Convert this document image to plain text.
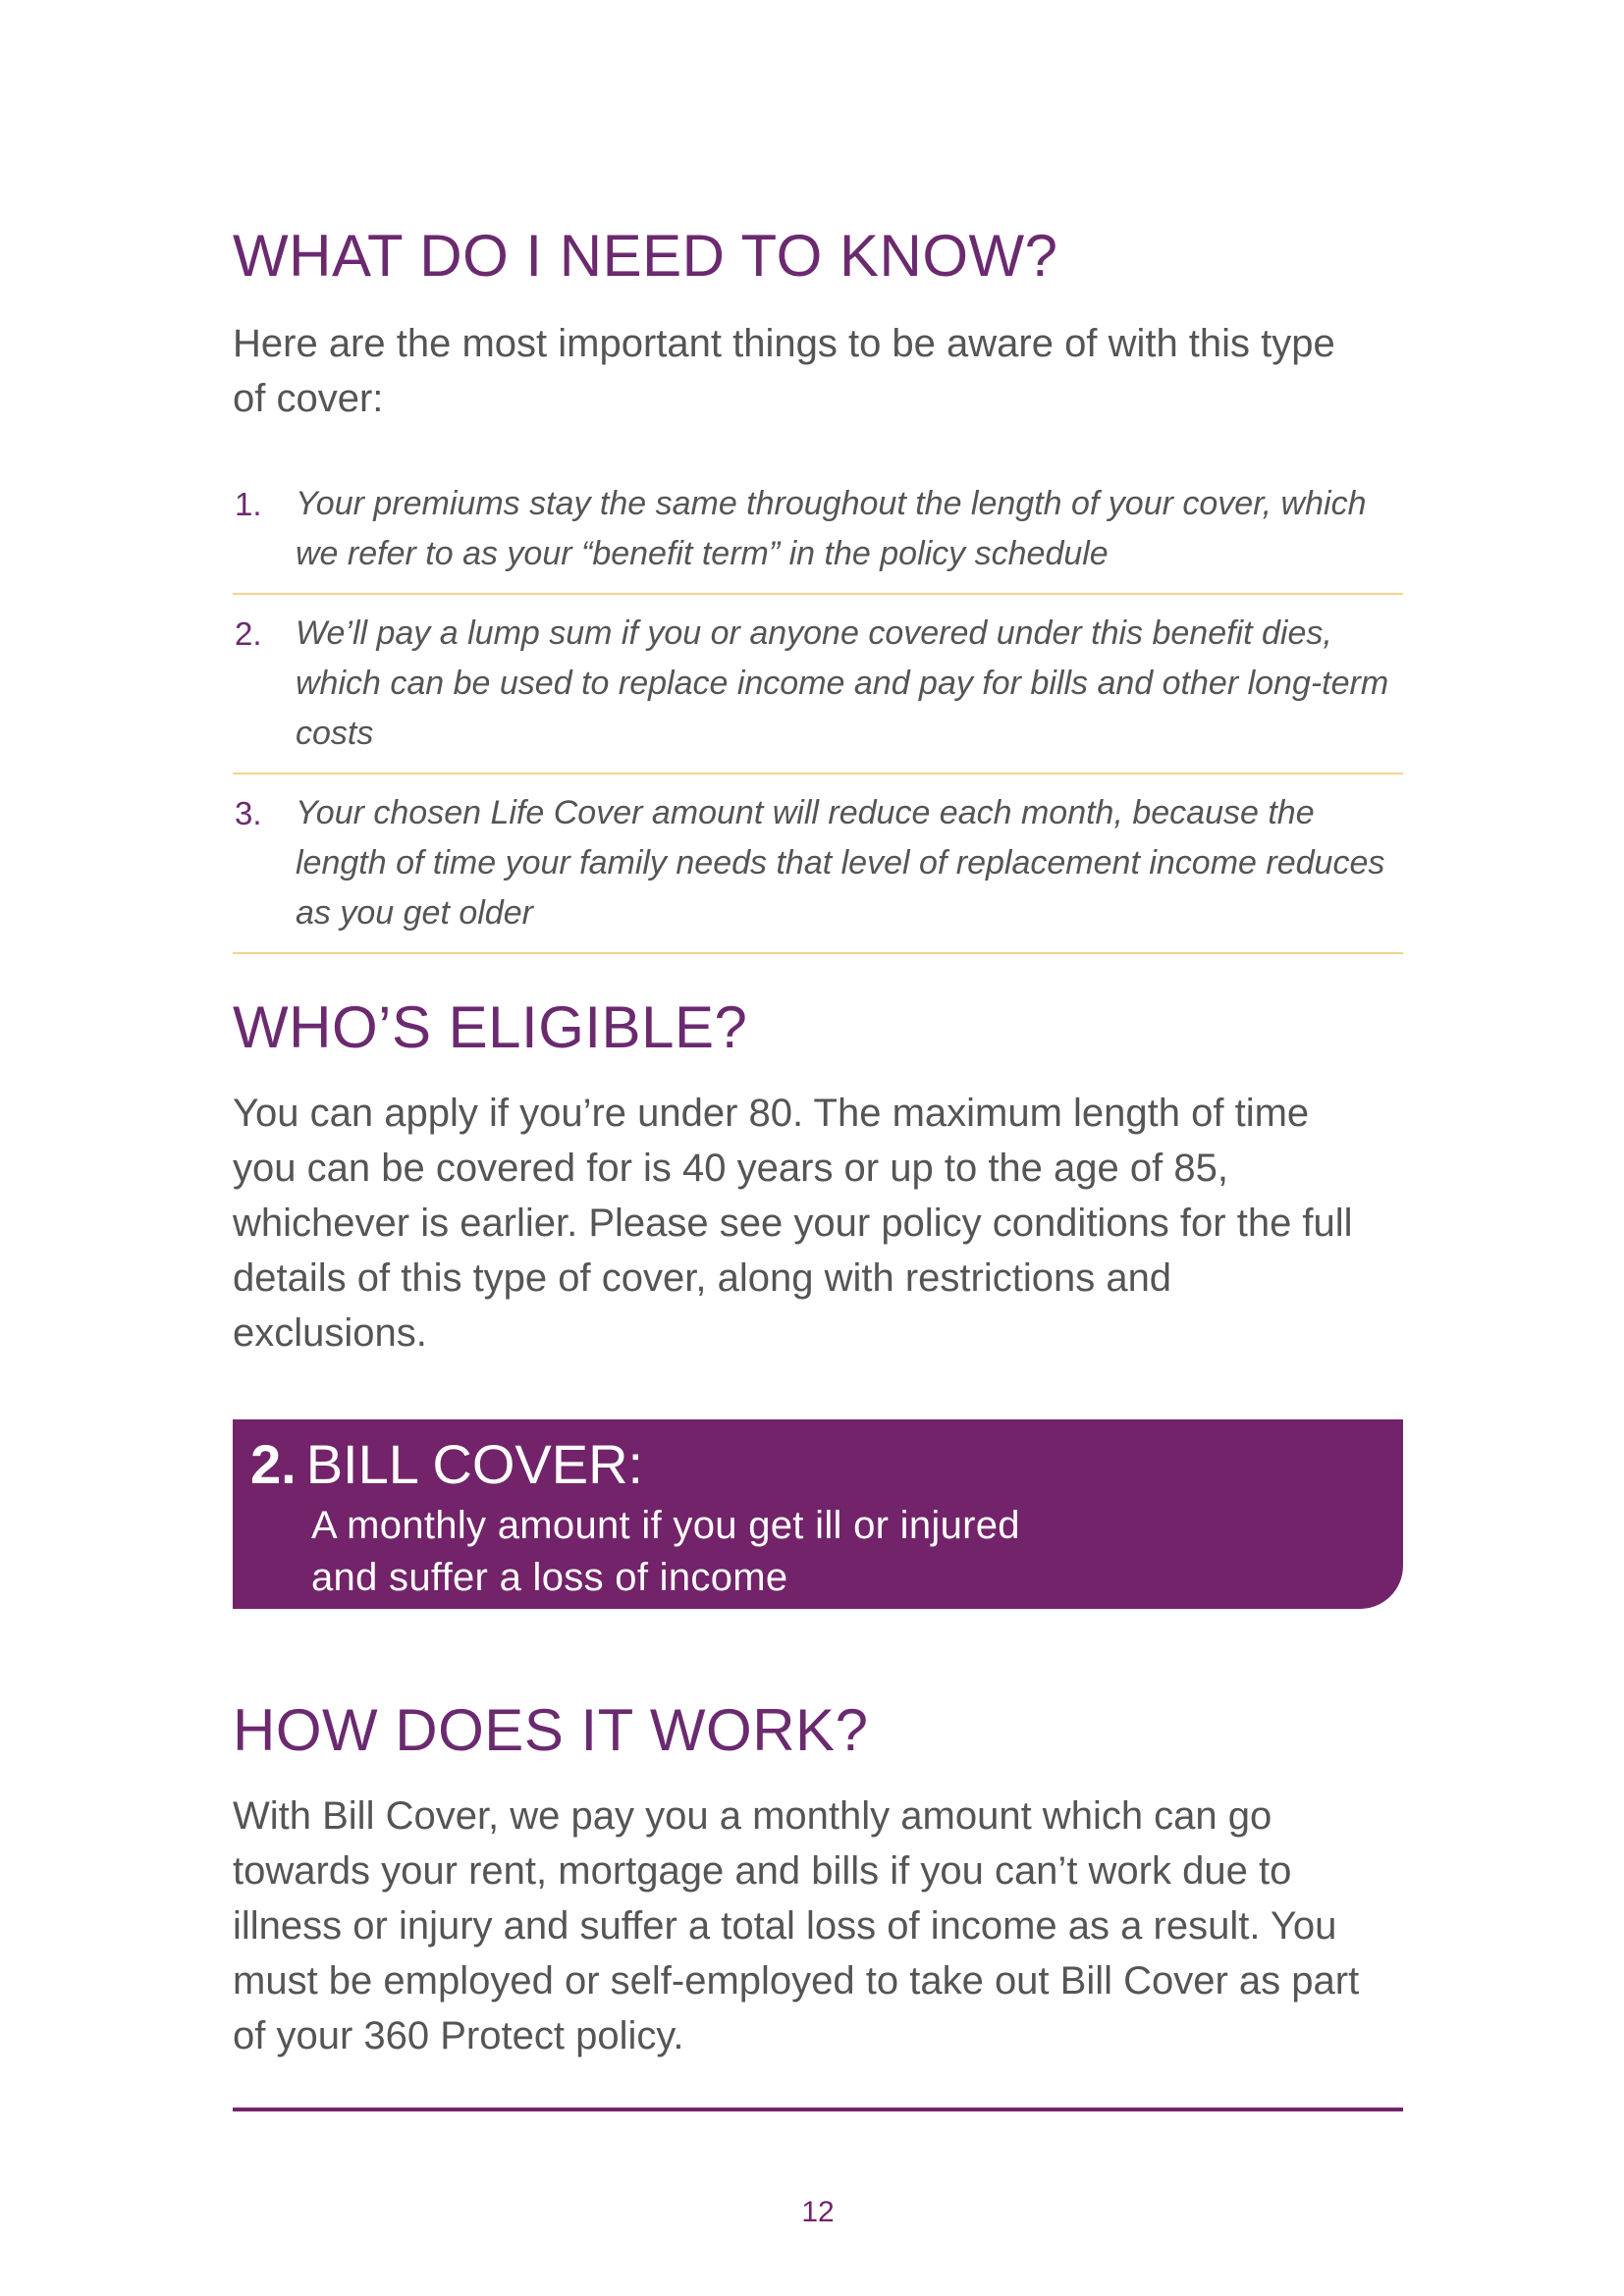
WHAT DO I NEED TO KNOW?

Here are the most important things to be aware of with this type of cover:

1. Your premiums stay the same throughout the length of your cover, which we refer to as your “benefit term” in the policy schedule
2. We’ll pay a lump sum if you or anyone covered under this benefit dies, which can be used to replace income and pay for bills and other long-term costs
3. Your chosen Life Cover amount will reduce each month, because the length of time your family needs that level of replacement income reduces as you get older
WHO’S ELIGIBLE?

You can apply if you’re under 80. The maximum length of time you can be covered for is 40 years or up to the age of 85, whichever is earlier. Please see your policy conditions for the full details of this type of cover, along with restrictions and exclusions.

2. BILL COVER:
A monthly amount if you get ill or injured
and suffer a loss of income
HOW DOES IT WORK?

With Bill Cover, we pay you a monthly amount which can go towards your rent, mortgage and bills if you can’t work due to illness or injury and suffer a total loss of income as a result. You must be employed or self-employed to take out Bill Cover as part of your 360 Protect policy.

12
